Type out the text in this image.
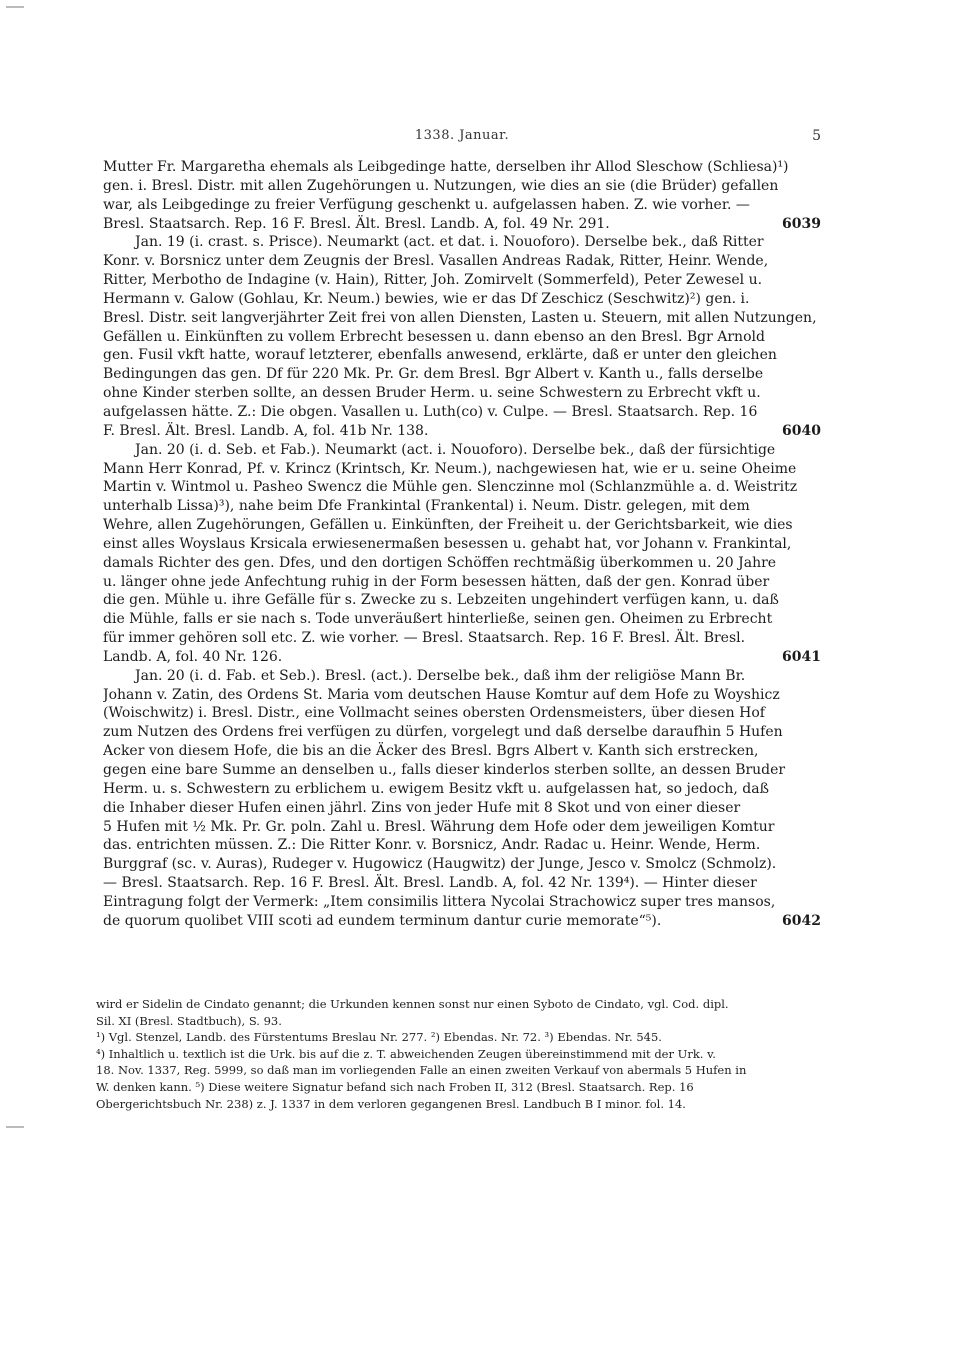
1338. Januar.	5
Mutter Fr. Margaretha ehemals als Leibgedinge hatte, derselben ihr Allod Sleschow (Schliesa)¹)
gen. i. Bresl. Distr. mit allen Zugehörungen u. Nutzungen, wie dies an sie (die Brüder) gefallen
war, als Leibgedinge zu freier Verfügung geschenkt u. aufgelassen haben. Z. wie vorher. —
Bresl. Staatsarch. Rep. 16 F. Bresl. Ält. Bresl. Landb. A, fol. 49 Nr. 291.	6039
Jan. 19 (i. crast. s. Prisce). Neumarkt (act. et dat. i. Nouoforo). Derselbe bek., daß Ritter
Konr. v. Borsnicz unter dem Zeugnis der Bresl. Vasallen Andreas Radak, Ritter, Heinr. Wende,
Ritter, Merbotho de Indagine (v. Hain), Ritter, Joh. Zomirvelt (Sommerfeld), Peter Zewesel u.
Hermann v. Galow (Gohlau, Kr. Neum.) bewies, wie er das Df Zeschicz (Seschwitz)²) gen. i.
Bresl. Distr. seit langverjährter Zeit frei von allen Diensten, Lasten u. Steuern, mit allen Nutzungen,
Gefällen u. Einkünften zu vollem Erbrecht besessen u. dann ebenso an den Bresl. Bgr Arnold
gen. Fusil vkft hatte, worauf letzterer, ebenfalls anwesend, erklärte, daß er unter den gleichen
Bedingungen das gen. Df für 220 Mk. Pr. Gr. dem Bresl. Bgr Albert v. Kanth u., falls derselbe
ohne Kinder sterben sollte, an dessen Bruder Herm. u. seine Schwestern zu Erbrecht vkft u.
aufgelassen hätte. Z.: Die obgen. Vasallen u. Luth(co) v. Culpe. — Bresl. Staatsarch. Rep. 16
F. Bresl. Ält. Bresl. Landb. A, fol. 41b Nr. 138.	6040
Jan. 20 (i. d. Seb. et Fab.). Neumarkt (act. i. Nouoforo). Derselbe bek., daß der fürsichtige
Mann Herr Konrad, Pf. v. Krincz (Krintsch, Kr. Neum.), nachgewiesen hat, wie er u. seine Oheime
Martin v. Wintmol u. Pasheo Swencz die Mühle gen. Slenczinne mol (Schlanzmühle a. d. Weistritz
unterhalb Lissa)³), nahe beim Dfe Frankintal (Frankental) i. Neum. Distr. gelegen, mit dem
Wehre, allen Zugehörungen, Gefällen u. Einkünften, der Freiheit u. der Gerichtsbarkeit, wie dies
einst alles Woyslaus Krsicala erwiesenermaßen besessen u. gehabt hat, vor Johann v. Frankintal,
damals Richter des gen. Dfes, und den dortigen Schöffen rechtmäßig überkommen u. 20 Jahre
u. länger ohne jede Anfechtung ruhig in der Form besessen hätten, daß der gen. Konrad über
die gen. Mühle u. ihre Gefälle für s. Zwecke zu s. Lebzeiten ungehindert verfügen kann, u. daß
die Mühle, falls er sie nach s. Tode unveräußert hinterließe, seinen gen. Oheimen zu Erbrecht
für immer gehören soll etc. Z. wie vorher. — Bresl. Staatsarch. Rep. 16 F. Bresl. Ält. Bresl.
Landb. A, fol. 40 Nr. 126.	6041
Jan. 20 (i. d. Fab. et Seb.). Bresl. (act.). Derselbe bek., daß ihm der religiöse Mann Br.
Johann v. Zatin, des Ordens St. Maria vom deutschen Hause Komtur auf dem Hofe zu Woyshicz
(Woischwitz) i. Bresl. Distr., eine Vollmacht seines obersten Ordensmeisters, über diesen Hof
zum Nutzen des Ordens frei verfügen zu dürfen, vorgelegt und daß derselbe daraufhin 5 Hufen
Acker von diesem Hofe, die bis an die Äcker des Bresl. Bgrs Albert v. Kanth sich erstrecken,
gegen eine bare Summe an denselben u., falls dieser kinderlos sterben sollte, an dessen Bruder
Herm. u. s. Schwestern zu erblichem u. ewigem Besitz vkft u. aufgelassen hat, so jedoch, daß
die Inhaber dieser Hufen einen jährl. Zins von jeder Hufe mit 8 Skot und von einer dieser
5 Hufen mit ½ Mk. Pr. Gr. poln. Zahl u. Bresl. Währung dem Hofe oder dem jeweiligen Komtur
das. entrichten müssen. Z.: Die Ritter Konr. v. Borsnicz, Andr. Radac u. Heinr. Wende, Herm.
Burggraf (sc. v. Auras), Rudeger v. Hugowicz (Haugwitz) der Junge, Jesco v. Smolcz (Schmolz).
— Bresl. Staatsarch. Rep. 16 F. Bresl. Ält. Bresl. Landb. A, fol. 42 Nr. 139⁴). — Hinter dieser
Eintragung folgt der Vermerk: „Item consimilis littera Nycolai Strachowicz super tres mansos,
de quorum quolibet VIII scoti ad eundem terminum dantur curie memorate“⁵).	6042
wird er Sidelin de Cindato genannt; die Urkunden kennen sonst nur einen Syboto de Cindato, vgl. Cod. dipl.
Sil. XI (Bresl. Stadtbuch), S. 93.
¹) Vgl. Stenzel, Landb. des Fürstentums Breslau Nr. 277. ²) Ebendas. Nr. 72. ³) Ebendas. Nr. 545.
⁴) Inhaltlich u. textlich ist die Urk. bis auf die z. T. abweichenden Zeugen übereinstimmend mit der Urk. v.
18. Nov. 1337, Reg. 5999, so daß man im vorliegenden Falle an einen zweiten Verkauf von abermals 5 Hufen in
W. denken kann. ⁵) Diese weitere Signatur befand sich nach Froben II, 312 (Bresl. Staatsarch. Rep. 16
Obergerichtsbuch Nr. 238) z. J. 1337 in dem verloren gegangenen Bresl. Landbuch B I minor. fol. 14.
